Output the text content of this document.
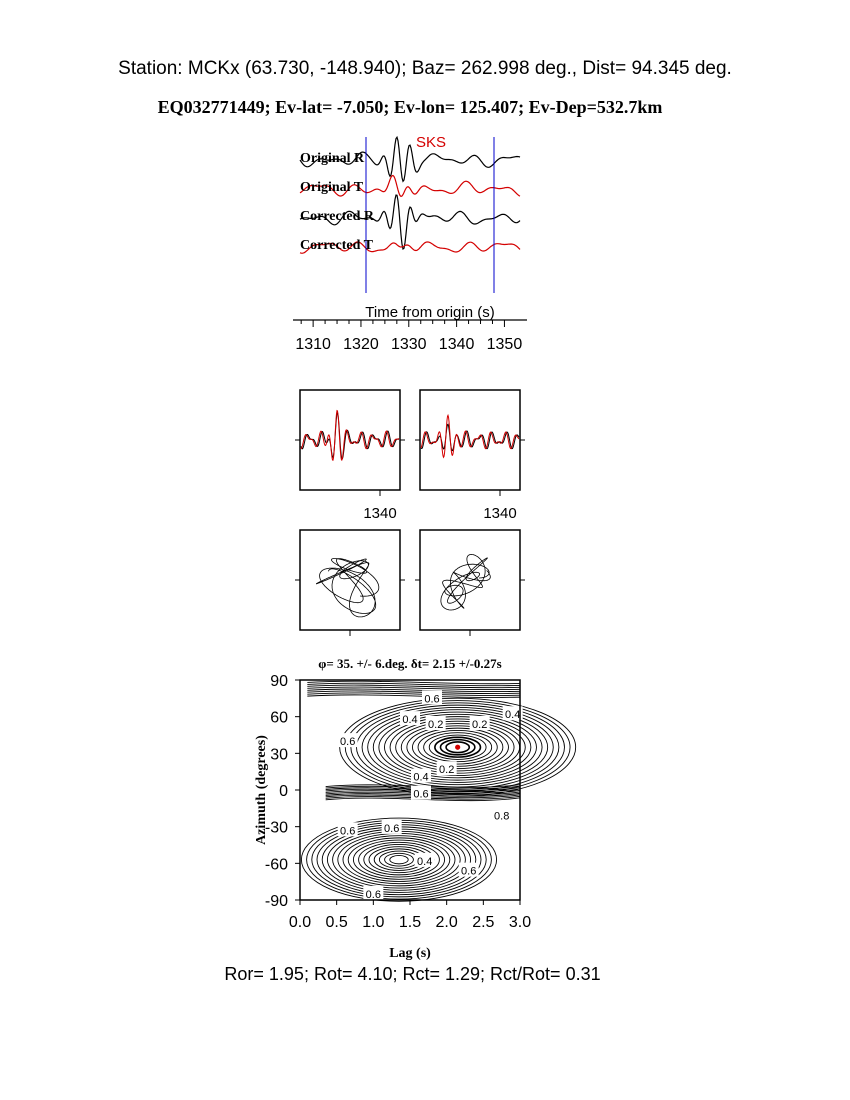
Station: MCKx (63.730, -148.940); Baz= 262.998 deg., Dist= 94.345 deg.
EQ032771449; Ev-lat= -7.050; Ev-lon= 125.407; Ev-Dep=532.7km
SKS
Original R
Original T
Corrected R
Corrected T
Time from origin (s)
1310 1320 1330 1340 1350
1340	1340
φ= 35. +/- 6.deg. δt= 2.15 +/-0.27s
0.6
0.4 0.2	0.2
0.4
0.6
0.4
0.2
0.6
0.8
0.6	0.6
0.4
0.6
0.6
0.0 0.5 1.0 1.5 2.0 2.5 3.0
90
60
30
0
-30
-60
-90
Lag (s)
Azimuth (degrees)
Ror= 1.95; Rot= 4.10; Rct= 1.29; Rct/Rot= 0.31
